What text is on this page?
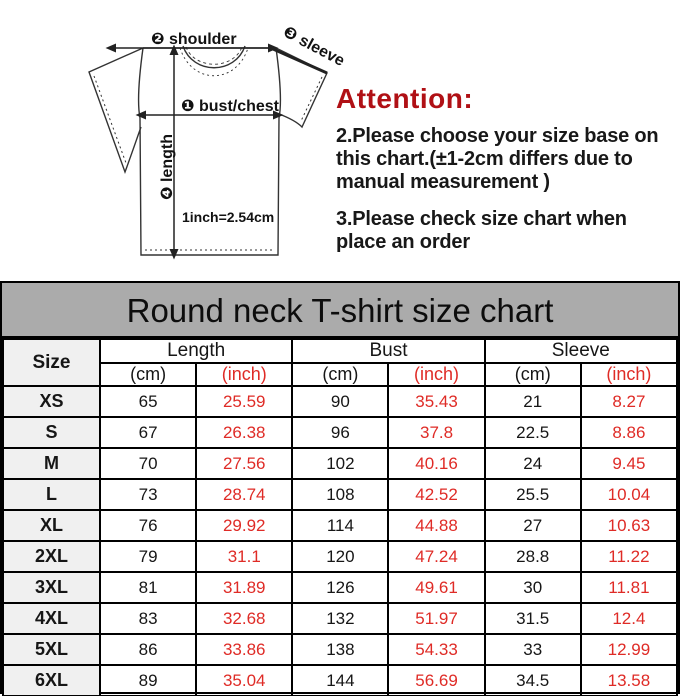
❷ shoulder	❸ sleeve
❶ bust/chest
❹ length
1inch=2.54cm
Attention:
2.Please choose your size base on this chart.(±1-2cm differs due to manual measurement )
3.Please check size chart when place an order
Round neck T-shirt size chart
Size	Length		Bust		Sleeve	
	(cm)	(inch)	(cm)	(inch)	(cm)	(inch)
XS	65	25.59	90	35.43	21	8.27
S	67	26.38	96	37.8	22.5	8.86
M	70	27.56	102	40.16	24	9.45
L	73	28.74	108	42.52	25.5	10.04
XL	76	29.92	114	44.88	27	10.63
2XL	79	31.1	120	47.24	28.8	11.22
3XL	81	31.89	126	49.61	30	11.81
4XL	83	32.68	132	51.97	31.5	12.4
5XL	86	33.86	138	54.33	33	12.99
6XL	89	35.04	144	56.69	34.5	13.58
